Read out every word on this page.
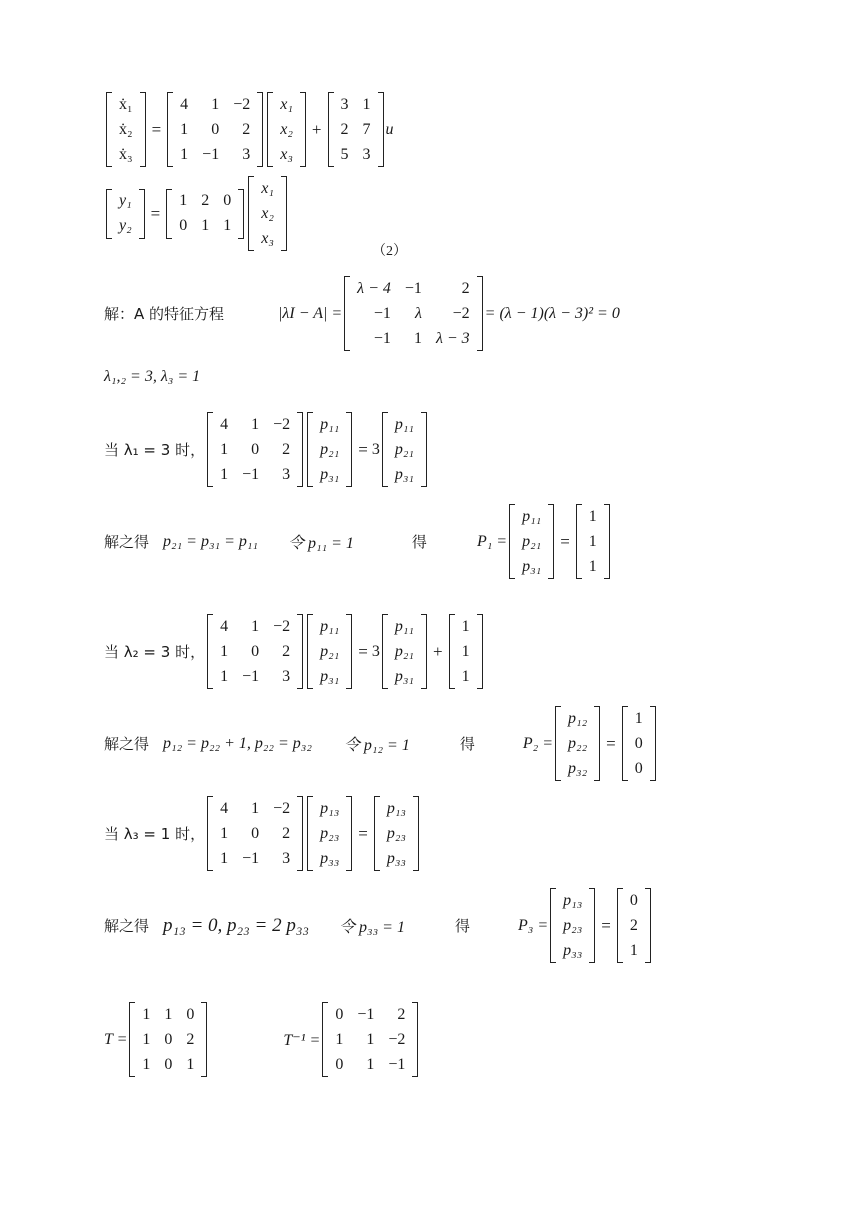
ẋ₁
ẋ₂
ẋ₃
=
4	1	−2
1	0	2
1	−1	3
x₁
x₂
x₃
+
3	1
2	7
5	3
u
y₁
y₂
=
1	2	0
0	1	1
x₁
x₂
x₃
（2）
解：A 的特征方程	|λI − A| =
λ − 4	−1	2
−1	λ	−2
−1	1	λ − 3
= (λ − 1)(λ − 3)² = 0
λ₁,₂ = 3, λ₃ = 1
当 λ₁ = 3 时，
4	1	−2
1	0	2
1	−1	3
p₁₁
p₂₁
p₃₁
= 3
p₁₁
p₂₁
p₃₁
解之得 p₂₁ = p₃₁ = p₁₁ 令 p₁₁ = 1	得	P₁ =
p₁₁
p₂₁
p₃₁
=
1
1
1
当 λ₂ = 3 时，
4	1	−2
1	0	2
1	−1	3
p₁₁
p₂₁
p₃₁
= 3
p₁₁
p₂₁
p₃₁
+
1
1
1
解之得 p₁₂ = p₂₂ + 1, p₂₂ = p₃₂ 令 p₁₂ = 1	得	P₂ =
p₁₂
p₂₂
p₃₂
=
1
0
0
当 λ₃ = 1 时，
4	1	−2
1	0	2
1	−1	3
p₁₃
p₂₃
p₃₃
=
p₁₃
p₂₃
p₃₃
解之得 p₁₃ = 0, p₂₃ = 2 p₃₃ 令 p₃₃ = 1	得	P₃ =
p₁₃
p₂₃
p₃₃
=
0
2
1
T =
1	1	0
1	0	2
1	0	1
T⁻¹ =
0	−1	2
1	1	−2
0	1	−1
